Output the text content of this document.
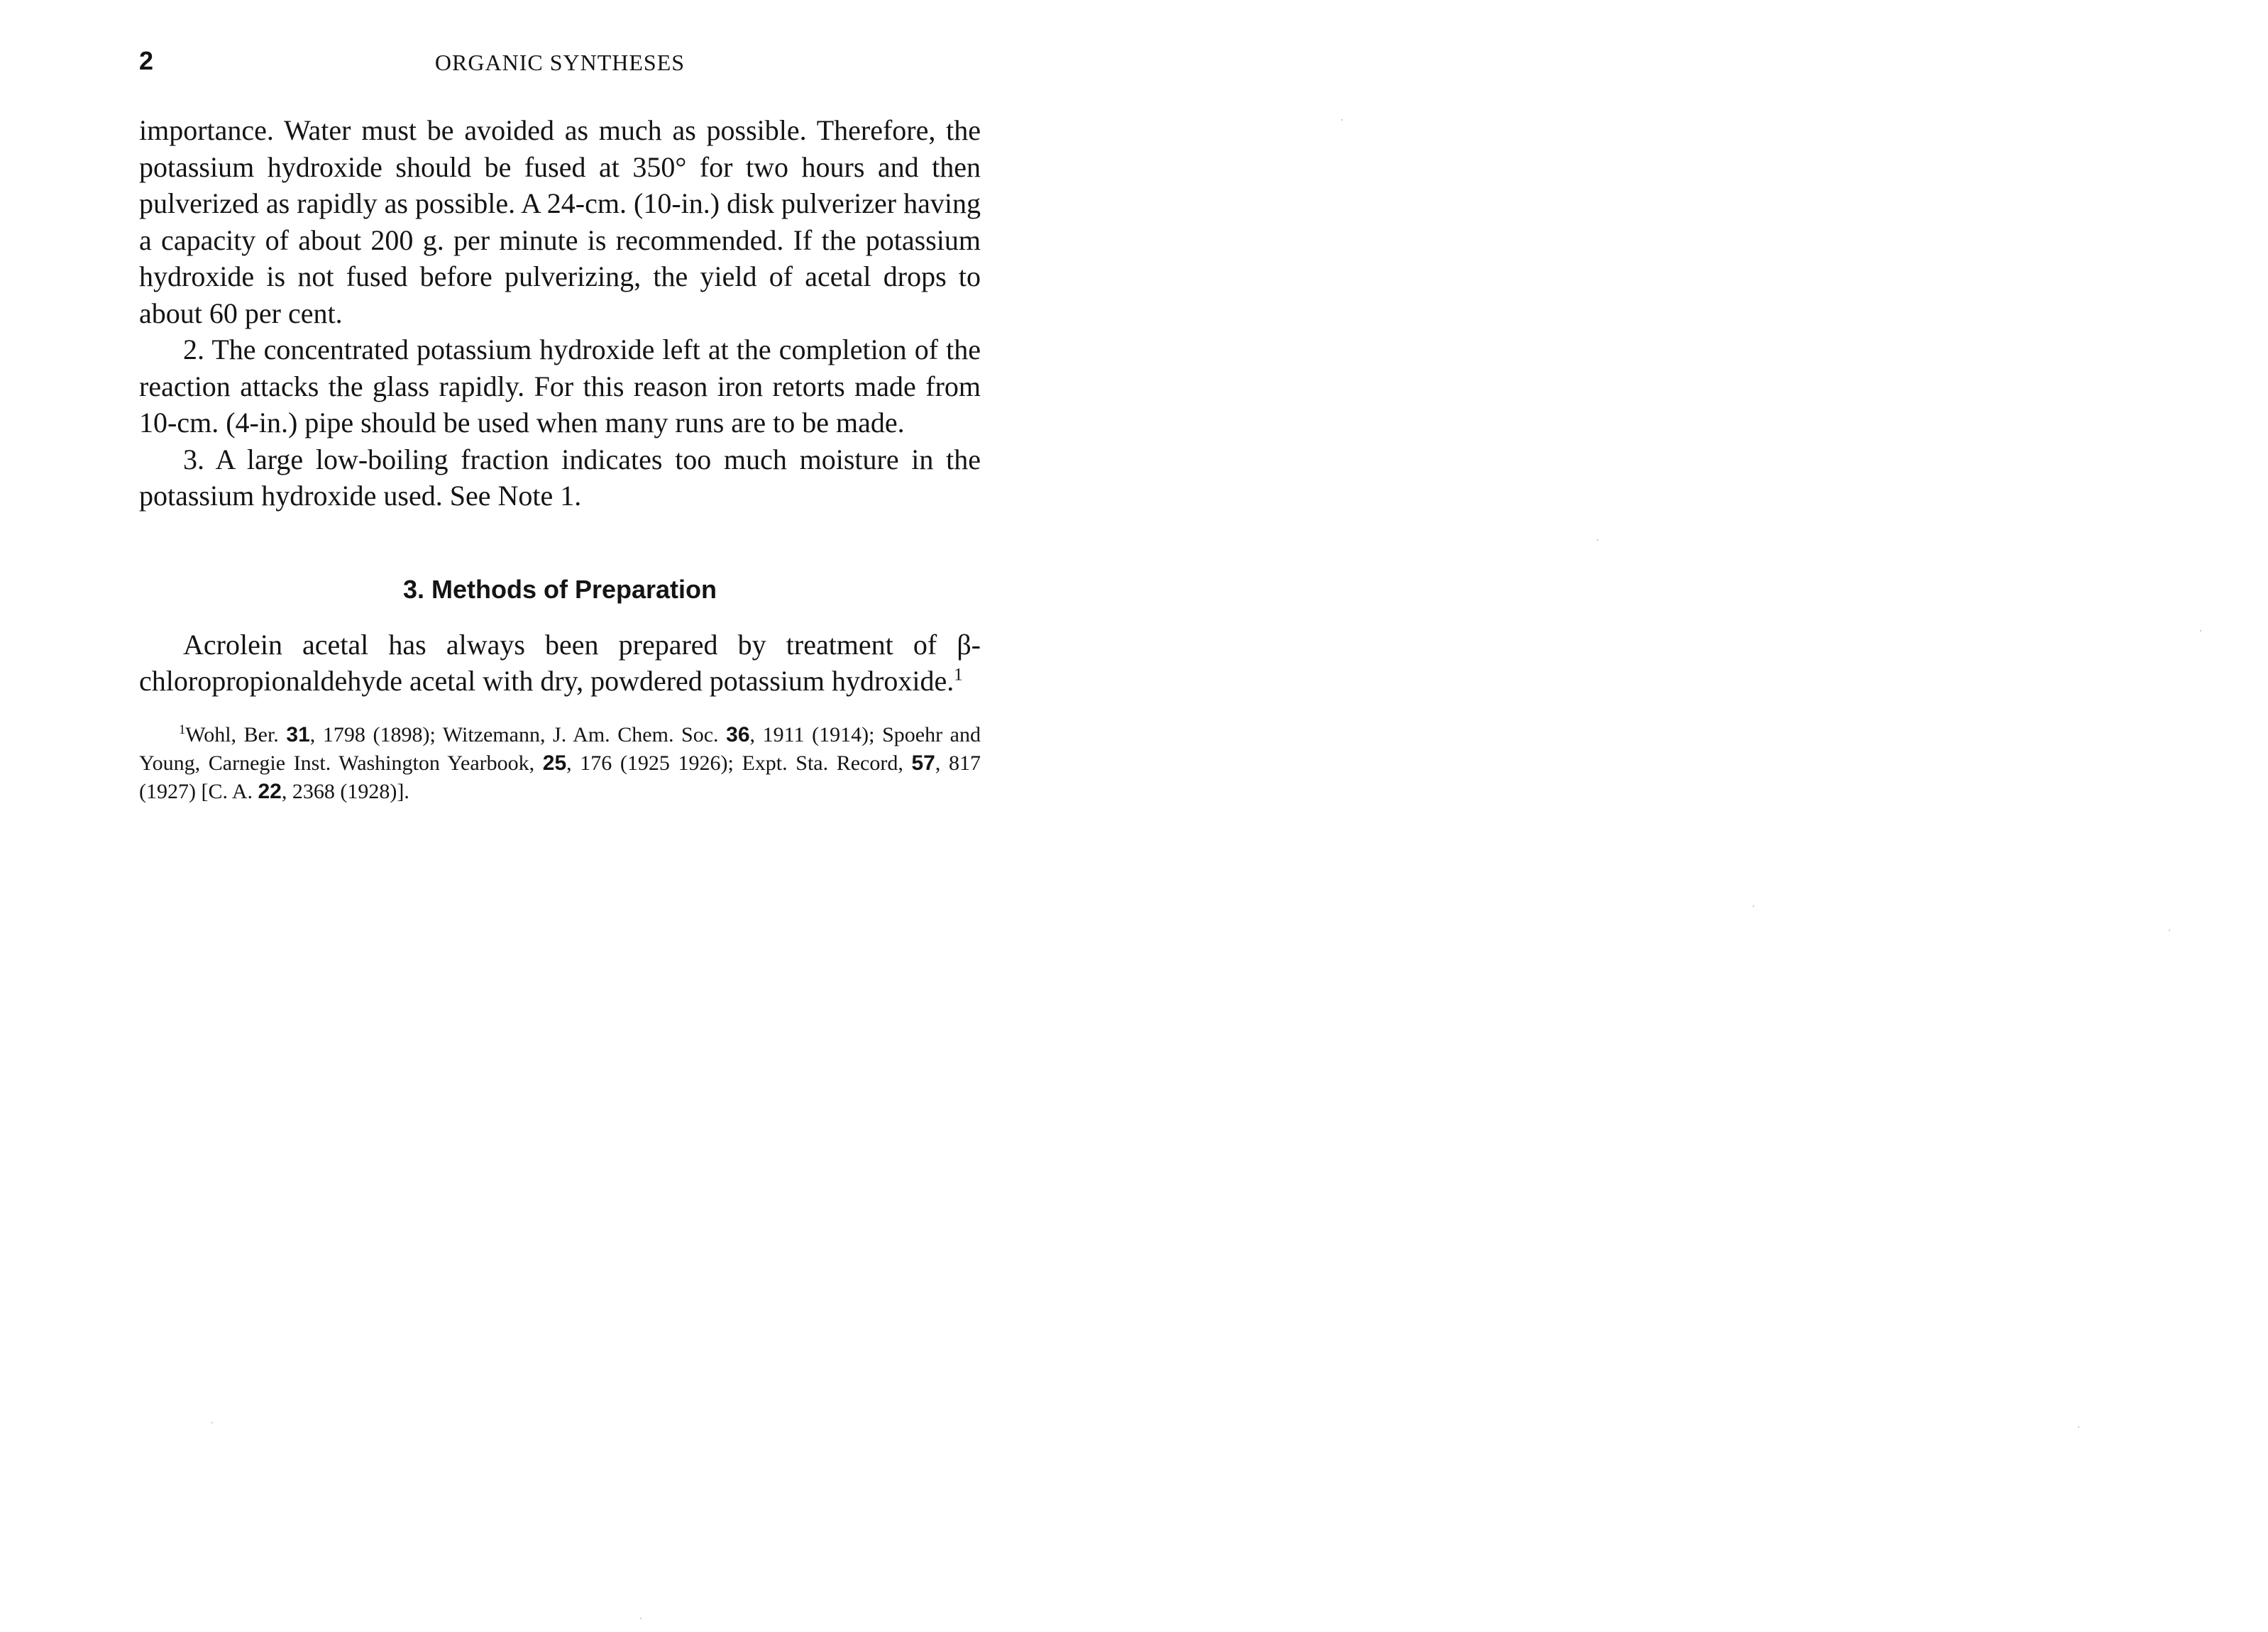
2	ORGANIC SYNTHESES

importance. Water must be avoided as much as possible. Therefore, the potassium hydroxide should be fused at 350° for two hours and then pulverized as rapidly as possible. A 24-cm. (10-in.) disk pulverizer having a capacity of about 200 g. per minute is recommended. If the potassium hydroxide is not fused before pulverizing, the yield of acetal drops to about 60 per cent.

2. The concentrated potassium hydroxide left at the completion of the reaction attacks the glass rapidly. For this reason iron retorts made from 10-cm. (4-in.) pipe should be used when many runs are to be made.

3. A large low-boiling fraction indicates too much moisture in the potassium hydroxide used. See Note 1.

3. Methods of Preparation

Acrolein acetal has always been prepared by treatment of β-chloropropionaldehyde acetal with dry, powdered potassium hydroxide.$^1$

$^1$Wohl, Ber. 31, 1798 (1898); Witzemann, J. Am. Chem. Soc. 36, 1911 (1914); Spoehr and Young, Carnegie Inst. Washington Yearbook, 25, 176 (1925 1926); Expt. Sta. Record, 57, 817 (1927) [C. A. 22, 2368 (1928)].
